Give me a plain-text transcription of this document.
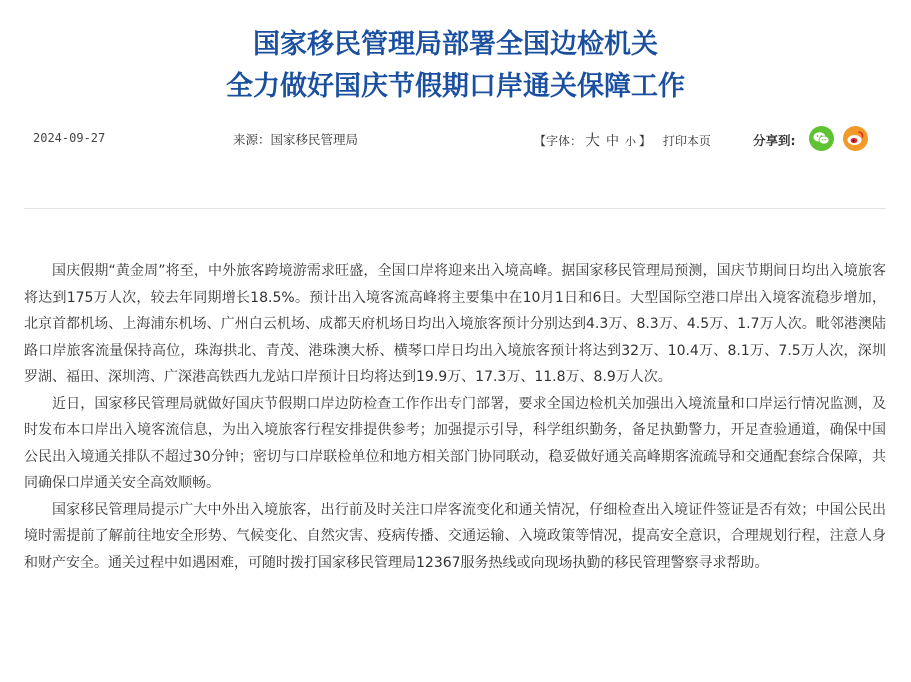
国家移民管理局部署全国边检机关
全力做好国庆节假期口岸通关保障工作
2024-09-27	来源：国家移民管理局	【字体： 大 中 小 】 打印本页	分享到:

国庆假期“黄金周”将至，中外旅客跨境游需求旺盛，全国口岸将迎来出入境高峰。据国家移民管理局预测，国庆节期间日均出入境旅客将达到175万人次，较去年同期增长18.5%。预计出入境客流高峰将主要集中在10月1日和6日。大型国际空港口岸出入境客流稳步增加，北京首都机场、上海浦东机场、广州白云机场、成都天府机场日均出入境旅客预计分别达到4.3万、8.3万、4.5万、1.7万人次。毗邻港澳陆路口岸旅客流量保持高位，珠海拱北、青茂、港珠澳大桥、横琴口岸日均出入境旅客预计将达到32万、10.4万、8.1万、7.5万人次，深圳罗湖、福田、深圳湾、广深港高铁西九龙站口岸预计日均将达到19.9万、17.3万、11.8万、8.9万人次。

近日，国家移民管理局就做好国庆节假期口岸边防检查工作作出专门部署，要求全国边检机关加强出入境流量和口岸运行情况监测，及时发布本口岸出入境客流信息，为出入境旅客行程安排提供参考；加强提示引导，科学组织勤务，备足执勤警力，开足查验通道，确保中国公民出入境通关排队不超过30分钟；密切与口岸联检单位和地方相关部门协同联动，稳妥做好通关高峰期客流疏导和交通配套综合保障，共同确保口岸通关安全高效顺畅。

国家移民管理局提示广大中外出入境旅客，出行前及时关注口岸客流变化和通关情况，仔细检查出入境证件签证是否有效；中国公民出境时需提前了解前往地安全形势、气候变化、自然灾害、疫病传播、交通运输、入境政策等情况，提高安全意识，合理规划行程，注意人身和财产安全。通关过程中如遇困难，可随时拨打国家移民管理局12367服务热线或向现场执勤的移民管理警察寻求帮助。
